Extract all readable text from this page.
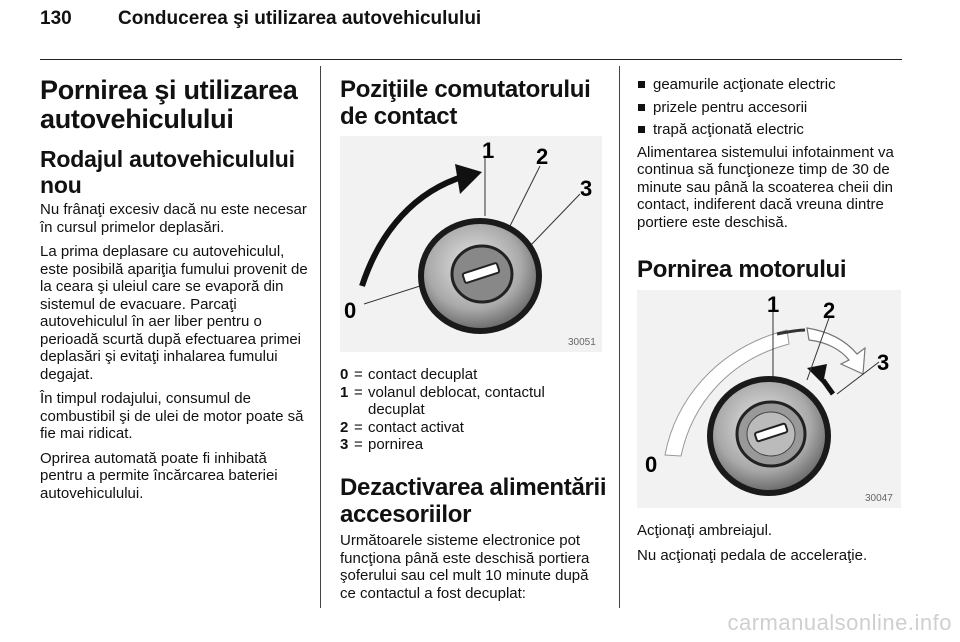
130 Conducerea şi utilizarea autovehiculului
Pornirea şi utilizarea autovehiculului
Rodajul autovehiculului nou
Nu frânaţi excesiv dacă nu este necesar în cursul primelor deplasări.
La prima deplasare cu autovehiculul, este posibilă apariţia fumului provenit de la ceara şi uleiul care se evaporă din sistemul de evacuare. Parcaţi autovehiculul în aer liber pentru o perioadă scurtă după efectuarea primei deplasări şi evitaţi inhalarea fumului degajat.
În timpul rodajului, consumul de combustibil şi de ulei de motor poate să fie mai ridicat.
Oprirea automată poate fi inhibată pentru a permite încărcarea bateriei autovehiculului.
Poziţiile comutatorului de contact
1 2
3
0
30051
0 = contact decuplat
1 = volanul deblocat, contactul decuplat
2 = contact activat
3 = pornirea
Dezactivarea alimentării accesoriilor
Următoarele sisteme electronice pot funcţiona până este deschisă portiera şoferului sau cel mult 10 minute după ce contactul a fost decuplat:
geamurile acţionate electric
prizele pentru accesorii
trapă acţionată electric
Alimentarea sistemului infotainment va continua să funcţioneze timp de 30 de minute sau până la scoaterea cheii din contact, indiferent dacă vreuna dintre portiere este deschisă.
Pornirea motorului
1 2
3
0
30047
Acţionaţi ambreiajul.
Nu acţionaţi pedala de acceleraţie.
carmanualsonline.info
